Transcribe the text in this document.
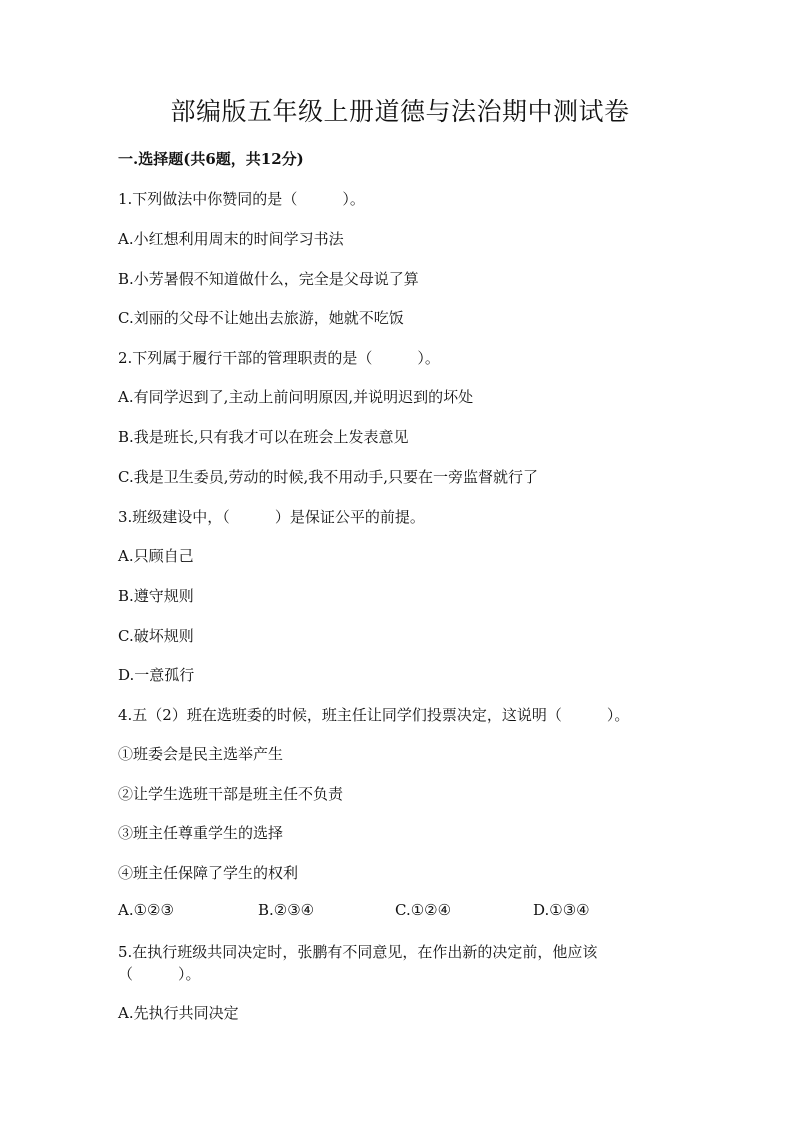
部编版五年级上册道德与法治期中测试卷
一.选择题(共6题，共12分)
1.下列做法中你赞同的是（　　　）。
A.小红想利用周末的时间学习书法
B.小芳暑假不知道做什么，完全是父母说了算
C.刘丽的父母不让她出去旅游，她就不吃饭
2.下列属于履行干部的管理职责的是（　　　）。
A.有同学迟到了,主动上前问明原因,并说明迟到的坏处
B.我是班长,只有我才可以在班会上发表意见
C.我是卫生委员,劳动的时候,我不用动手,只要在一旁监督就行了
3.班级建设中，（　　　）是保证公平的前提。
A.只顾自己
B.遵守规则
C.破坏规则
D.一意孤行
4.五（2）班在选班委的时候，班主任让同学们投票决定，这说明（　　　）。
①班委会是民主选举产生
②让学生选班干部是班主任不负责
③班主任尊重学生的选择
④班主任保障了学生的权利
A.①②③	B.②③④	C.①②④	D.①③④
5.在执行班级共同决定时，张鹏有不同意见，在作出新的决定前，他应该
（　　　）。
A.先执行共同决定
